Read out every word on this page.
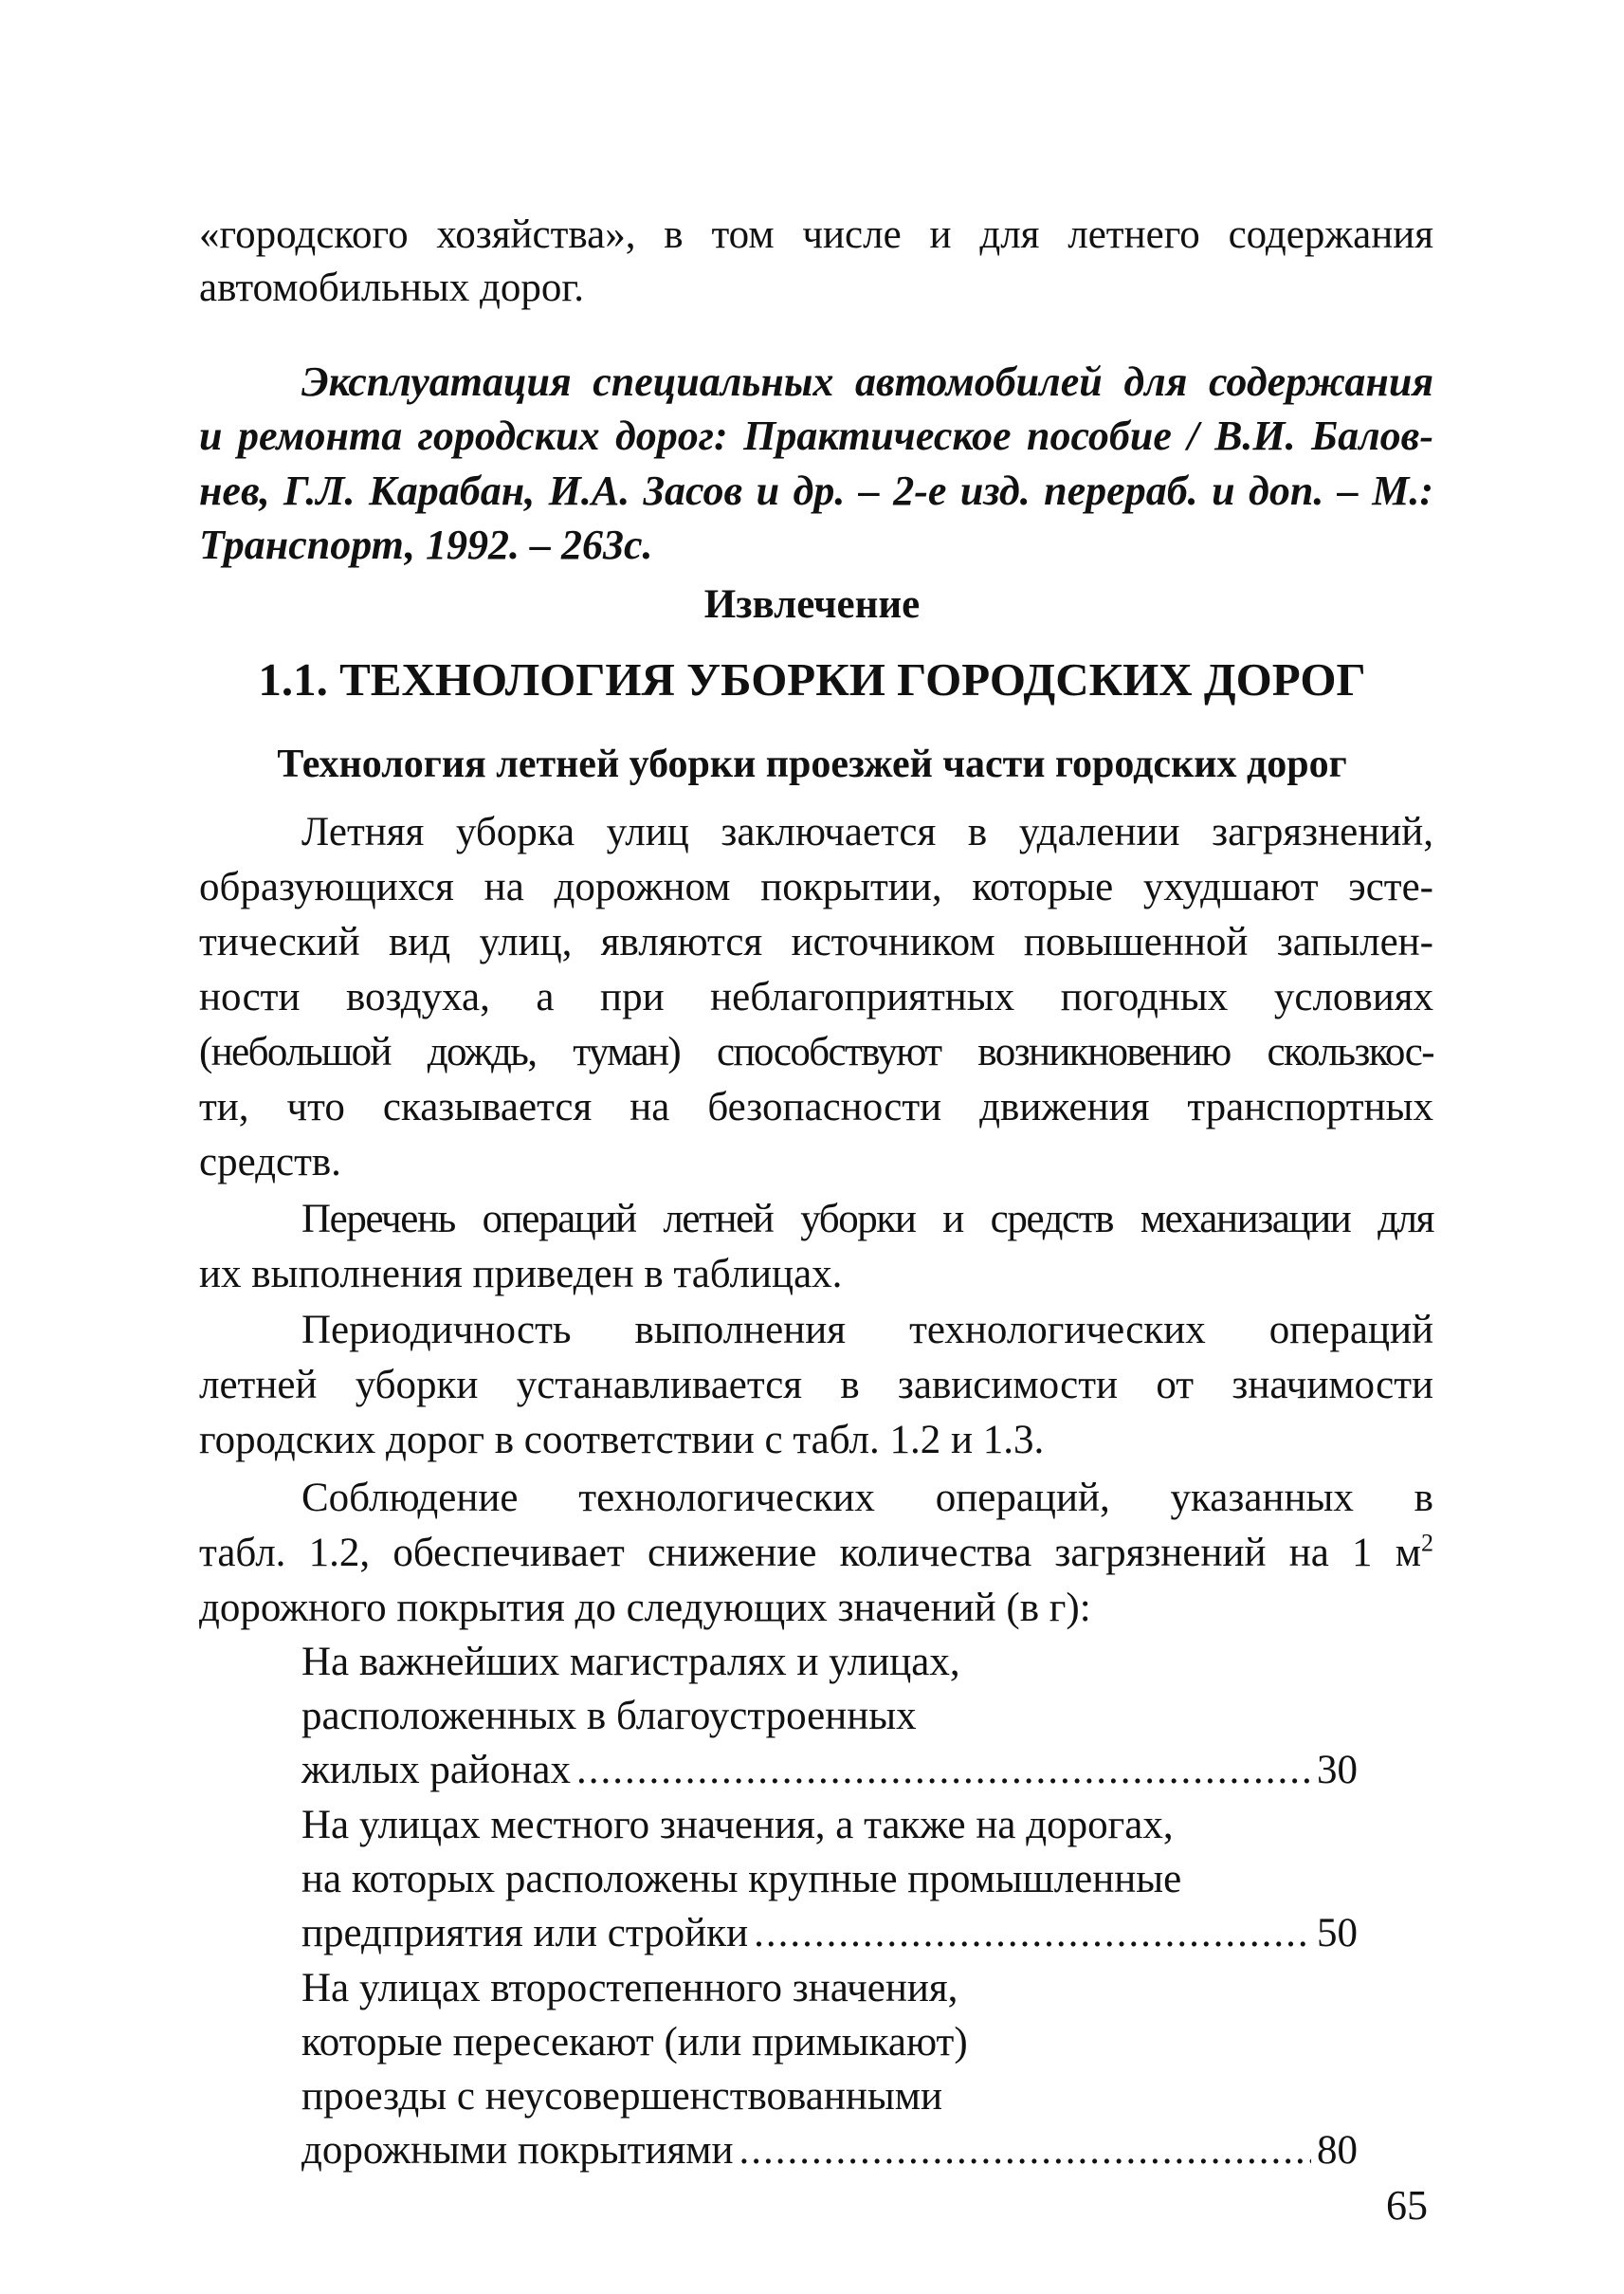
«городского хозяйства», в том числе и для летнего содержания
автомобильных дорог.
Эксплуатация специальных автомобилей для содержания
и ремонта городских дорог: Практическое пособие / В.И. Балов-
нев, Г.Л. Карабан, И.А. Засов и др. – 2-е изд. перераб. и доп. – М.:
Транспорт, 1992. – 263с.
Извлечение
1.1. ТЕХНОЛОГИЯ УБОРКИ ГОРОДСКИХ ДОРОГ
Технология летней уборки проезжей части городских дорог
Летняя уборка улиц заключается в удалении загрязнений,
образующихся на дорожном покрытии, которые ухудшают эсте-
тический вид улиц, являются источником повышенной запылен-
ности воздуха, а при неблагоприятных погодных условиях
(небольшой дождь, туман) способствуют возникновению скользкос-
ти, что сказывается на безопасности движения транспортных
средств.
Перечень операций летней уборки и средств механизации для
их выполнения приведен в таблицах.
Периодичность выполнения технологических операций
летней уборки устанавливается в зависимости от значимости
городских дорог в соответствии с табл. 1.2 и 1.3.
Соблюдение технологических операций, указанных в
табл. 1.2, обеспечивает снижение количества загрязнений на 1 $м^2$
дорожного покрытия до следующих значений (в г):
На важнейших магистралях и улицах,
расположенных в благоустроенных
жилых районах .....	30
На улицах местного значения, а также на дорогах,
на которых расположены крупные промышленные
предприятия или стройки .....	50
На улицах второстепенного значения,
которые пересекают (или примыкают)
проезды с неусовершенствованными
дорожными покрытиями .....	80
65
